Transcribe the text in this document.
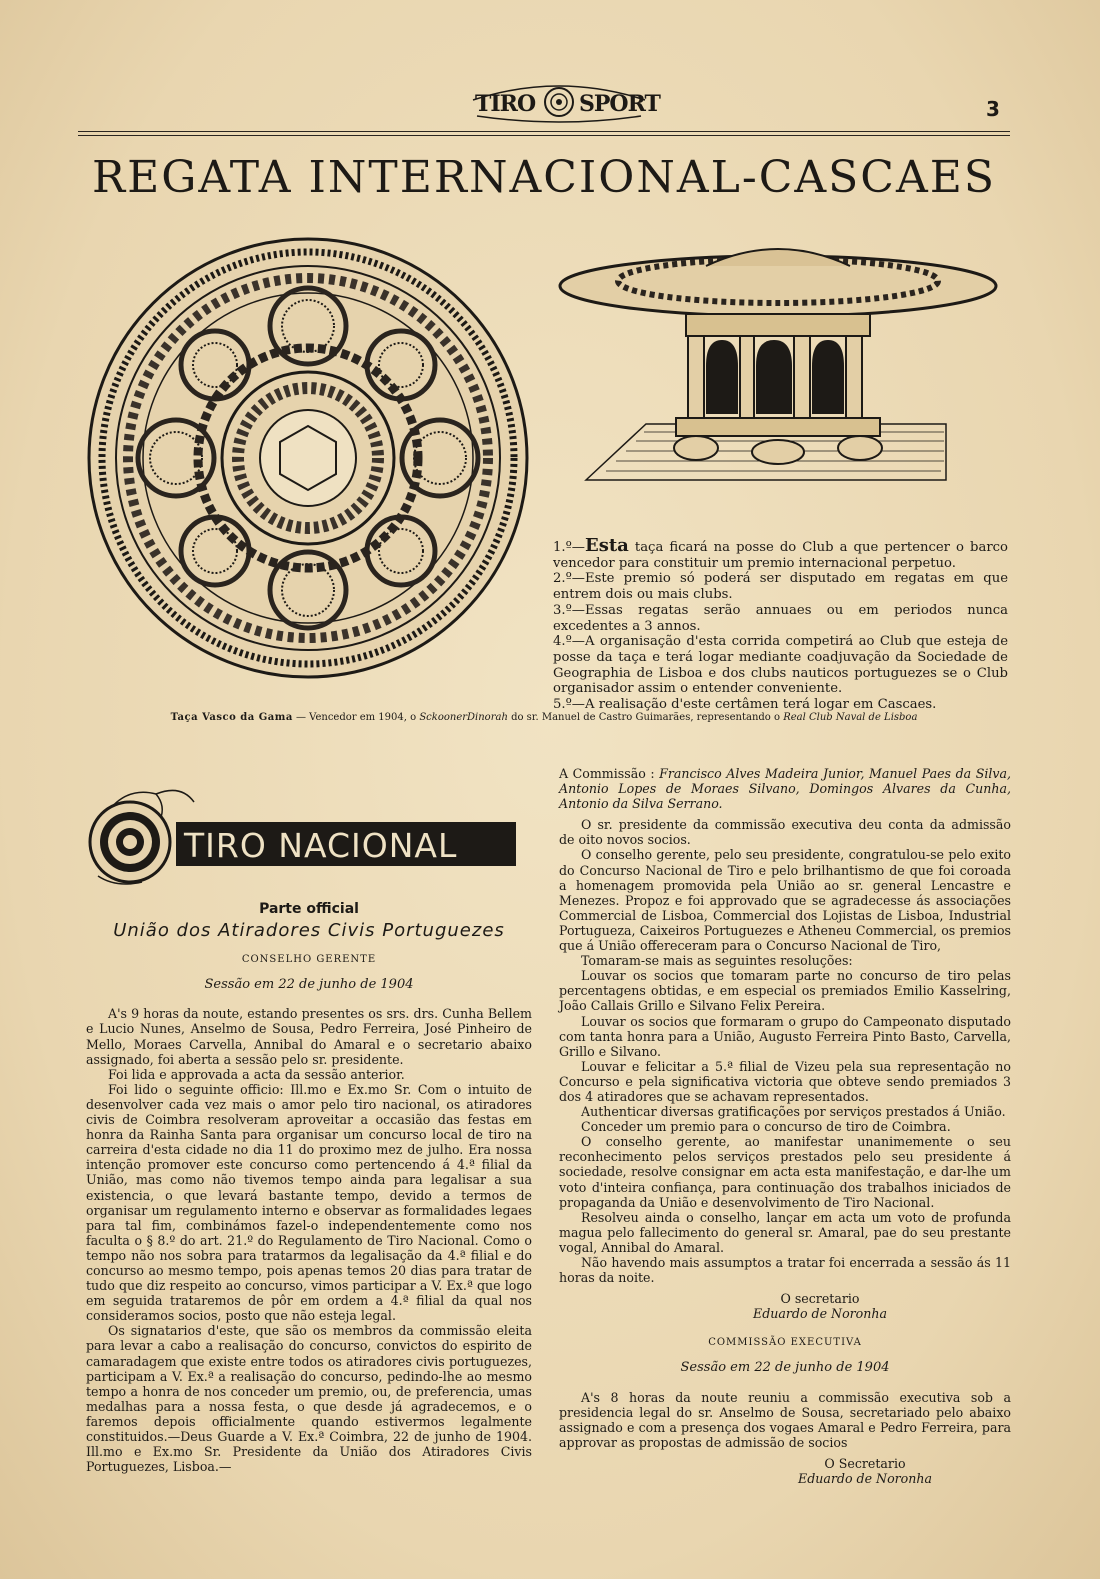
TIRO SPORT	3
REGATA INTERNACIONAL-CASCAES

1.º—Esta taça ficará na posse do Club a que pertencer o barco vencedor para constituir um premio internacional perpetuo.

2.º—Este premio só poderá ser disputado em regatas em que entrem dois ou mais clubs.

3.º—Essas regatas serão annuaes ou em periodos nunca excedentes a 3 annos.

4.º—A organisação d'esta corrida competirá ao Club que esteja de posse da taça e terá logar mediante coadjuvação da Sociedade de Geographia de Lisboa e dos clubs nauticos portuguezes se o Club organisador assim o entender conveniente.

5.º—A realisação d'este certâmen terá logar em Cascaes.

Taça Vasco da Gama — Vencedor em 1904, o SckoonerDinorah do sr. Manuel de Castro Guimarães, representando o Real Club Naval de Lisboa
TIRO NACIONAL

Parte official

União dos Atiradores Civis Portuguezes

CONSELHO GERENTE

Sessão em 22 de junho de 1904

A's 9 horas da noute, estando presentes os srs. drs. Cunha Bellem e Lucio Nunes, Anselmo de Sousa, Pedro Ferreira, José Pinheiro de Mello, Moraes Carvella, Annibal do Amaral e o secretario abaixo assignado, foi aberta a sessão pelo sr. presidente.

Foi lida e approvada a acta da sessão anterior.

Foi lido o seguinte officio: Ill.mo e Ex.mo Sr. Com o intuito de desenvolver cada vez mais o amor pelo tiro nacional, os atiradores civis de Coimbra resolveram aproveitar a occasião das festas em honra da Rainha Santa para organisar um concurso local de tiro na carreira d'esta cidade no dia 11 do proximo mez de julho. Era nossa intenção promover este concurso como pertencendo á 4.ª filial da União, mas como não tivemos tempo ainda para legalisar a sua existencia, o que levará bastante tempo, devido a termos de organisar um regulamento interno e observar as formalidades legaes para tal fim, combinámos fazel-o independentemente como nos faculta o § 8.º do art. 21.º do Regulamento de Tiro Nacional. Como o tempo não nos sobra para tratarmos da legalisação da 4.ª filial e do concurso ao mesmo tempo, pois apenas temos 20 dias para tratar de tudo que diz respeito ao concurso, vimos participar a V. Ex.ª que logo em seguida trataremos de pôr em ordem a 4.ª filial da qual nos consideramos socios, posto que não esteja legal.

Os signatarios d'este, que são os membros da commissão eleita para levar a cabo a realisação do concurso, convictos do espirito de camaradagem que existe entre todos os atiradores civis portuguezes, participam a V. Ex.ª a realisação do concurso, pedindo-lhe ao mesmo tempo a honra de nos conceder um premio, ou, de preferencia, umas medalhas para a nossa festa, o que desde já agradecemos, e o faremos depois officialmente quando estivermos legalmente constituidos.—Deus Guarde a V. Ex.ª Coimbra, 22 de junho de 1904. Ill.mo e Ex.mo Sr. Presidente da União dos Atiradores Civis Portuguezes, Lisboa.—

A Commissão : Francisco Alves Madeira Junior, Manuel Paes da Silva, Antonio Lopes de Moraes Silvano, Domingos Alvares da Cunha, Antonio da Silva Serrano.

O sr. presidente da commissão executiva deu conta da admissão de oito novos socios.

O conselho gerente, pelo seu presidente, congratulou-se pelo exito do Concurso Nacional de Tiro e pelo brilhantismo de que foi coroada a homenagem promovida pela União ao sr. general Lencastre e Menezes. Propoz e foi approvado que se agradecesse ás associações Commercial de Lisboa, Commercial dos Lojistas de Lisboa, Industrial Portugueza, Caixeiros Portuguezes e Atheneu Commercial, os premios que á União offereceram para o Concurso Nacional de Tiro,

Tomaram-se mais as seguintes resoluções:

Louvar os socios que tomaram parte no concurso de tiro pelas percentagens obtidas, e em especial os premiados Emilio Kasselring, João Callais Grillo e Silvano Felix Pereira.

Louvar os socios que formaram o grupo do Campeonato disputado com tanta honra para a União, Augusto Ferreira Pinto Basto, Carvella, Grillo e Silvano.

Louvar e felicitar a 5.ª filial de Vizeu pela sua representação no Concurso e pela significativa victoria que obteve sendo premiados 3 dos 4 atiradores que se achavam representados.

Authenticar diversas gratificações por serviços prestados á União.

Conceder um premio para o concurso de tiro de Coimbra.

O conselho gerente, ao manifestar unanimemente o seu reconhecimento pelos serviços prestados pelo seu presidente á sociedade, resolve consignar em acta esta manifestação, e dar-lhe um voto d'inteira confiança, para continuação dos trabalhos iniciados de propaganda da União e desenvolvimento de Tiro Nacional.

Resolveu ainda o conselho, lançar em acta um voto de profunda magua pelo fallecimento do general sr. Amaral, pae do seu prestante vogal, Annibal do Amaral.

Não havendo mais assumptos a tratar foi encerrada a sessão ás 11 horas da noite.

O secretario

Eduardo de Noronha

COMMISSÃO EXECUTIVA

Sessão em 22 de junho de 1904

A's 8 horas da noute reuniu a commissão executiva sob a presidencia legal do sr. Anselmo de Sousa, secretariado pelo abaixo assignado e com a presença dos vogaes Amaral e Pedro Ferreira, para approvar as propostas de admissão de socios

O Secretario

Eduardo de Noronha
